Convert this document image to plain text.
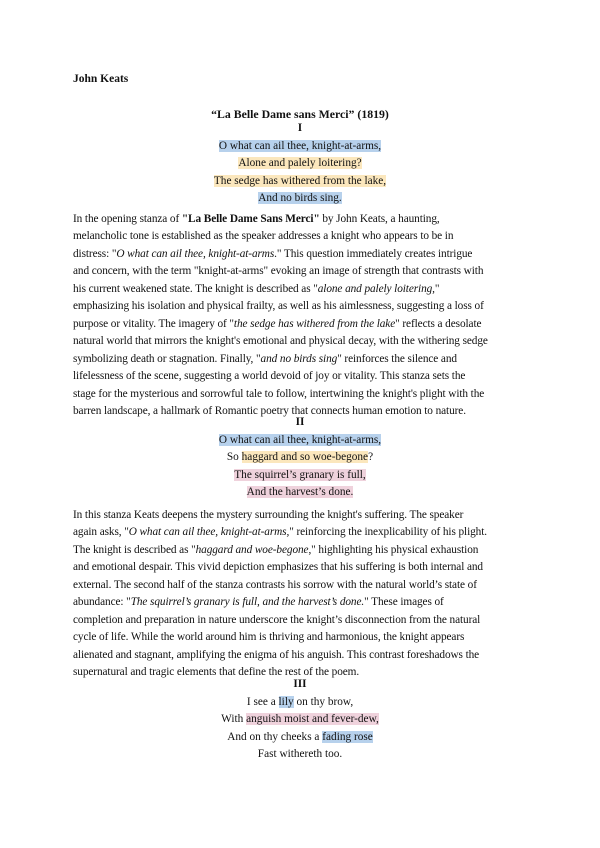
John Keats
“La Belle Dame sans Merci” (1819)
I
O what can ail thee, knight-at-arms,
Alone and palely loitering?
The sedge has withered from the lake,
And no birds sing.
In the opening stanza of "La Belle Dame Sans Merci" by John Keats, a haunting,
melancholic tone is established as the speaker addresses a knight who appears to be in
distress: "O what can ail thee, knight-at-arms." This question immediately creates intrigue
and concern, with the term "knight-at-arms" evoking an image of strength that contrasts with
his current weakened state. The knight is described as "alone and palely loitering,"
emphasizing his isolation and physical frailty, as well as his aimlessness, suggesting a loss of
purpose or vitality. The imagery of "the sedge has withered from the lake" reflects a desolate
natural world that mirrors the knight's emotional and physical decay, with the withering sedge
symbolizing death or stagnation. Finally, "and no birds sing" reinforces the silence and
lifelessness of the scene, suggesting a world devoid of joy or vitality. This stanza sets the
stage for the mysterious and sorrowful tale to follow, intertwining the knight's plight with the
barren landscape, a hallmark of Romantic poetry that connects human emotion to nature.
II
O what can ail thee, knight-at-arms,
So haggard and so woe-begone?
The squirrel’s granary is full,
And the harvest’s done.
In this stanza Keats deepens the mystery surrounding the knight's suffering. The speaker
again asks, "O what can ail thee, knight-at-arms," reinforcing the inexplicability of his plight.
The knight is described as "haggard and woe-begone," highlighting his physical exhaustion
and emotional despair. This vivid depiction emphasizes that his suffering is both internal and
external. The second half of the stanza contrasts his sorrow with the natural world’s state of
abundance: "The squirrel’s granary is full, and the harvest’s done." These images of
completion and preparation in nature underscore the knight’s disconnection from the natural
cycle of life. While the world around him is thriving and harmonious, the knight appears
alienated and stagnant, amplifying the enigma of his anguish. This contrast foreshadows the
supernatural and tragic elements that define the rest of the poem.
III
I see a lily on thy brow,
With anguish moist and fever-dew,
And on thy cheeks a fading rose
Fast withereth too.
